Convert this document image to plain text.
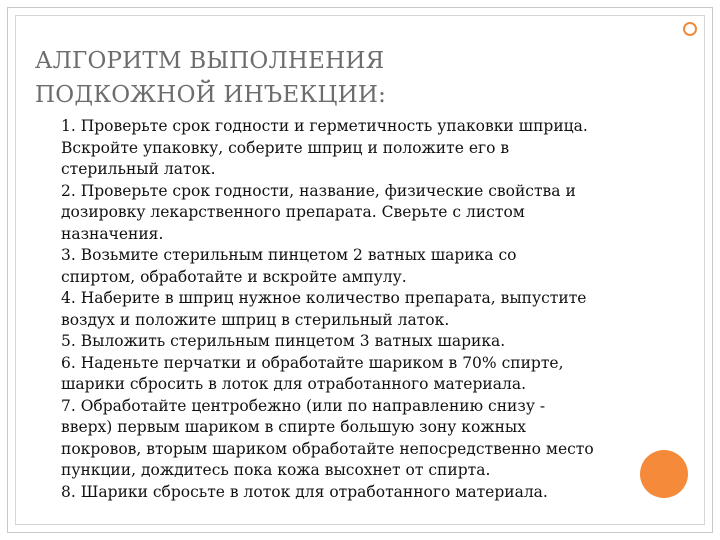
АЛГОРИТМ ВЫПОЛНЕНИЯ
ПОДКОЖНОЙ ИНЪЕКЦИИ:
1. Проверьте срок годности и герметичность упаковки шприца.
Вскройте упаковку, соберите шприц и положите его в
стерильный латок.
2. Проверьте срок годности, название, физические свойства и
дозировку лекарственного препарата. Сверьте с листом
назначения.
3. Возьмите стерильным пинцетом 2 ватных шарика со
спиртом, обработайте и вскройте ампулу.
4. Наберите в шприц нужное количество препарата, выпустите
воздух и положите шприц в стерильный латок.
5. Выложить стерильным пинцетом 3 ватных шарика.
6. Наденьте перчатки и обработайте шариком в 70% спирте,
шарики сбросить в лоток для отработанного материала.
7. Обработайте центробежно (или по направлению снизу -
вверх) первым шариком в спирте большую зону кожных
покровов, вторым шариком обработайте непосредственно место
пункции, дождитесь пока кожа высохнет от спирта.
8. Шарики сбросьте в лоток для отработанного материала.
